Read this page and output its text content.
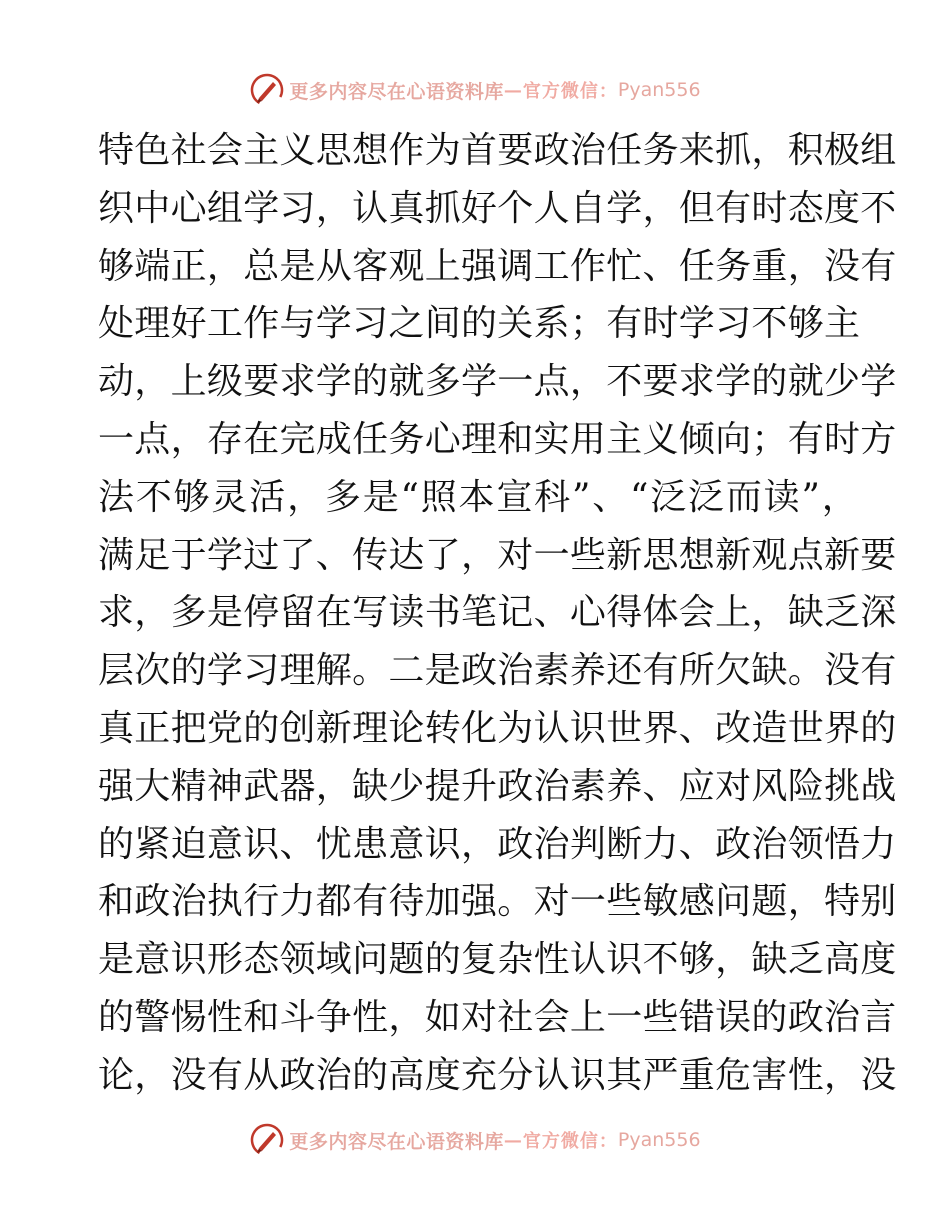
更多内容尽在心语资料库 — 官方微信： Pyan556
特色社会主义思想作为首要政治任务来抓，积极组
织中心组学习，认真抓好个人自学，但有时态度不
够端正，总是从客观上强调工作忙、任务重，没有
处理好工作与学习之间的关系；有时学习不够主
动，上级要求学的就多学一点，不要求学的就少学
一点，存在完成任务心理和实用主义倾向；有时方
法不够灵活，多是“照本宣科”、“泛泛而读”，
满足于学过了、传达了，对一些新思想新观点新要
求，多是停留在写读书笔记、心得体会上，缺乏深
层次的学习理解。二是政治素养还有所欠缺。没有
真正把党的创新理论转化为认识世界、改造世界的
强大精神武器，缺少提升政治素养、应对风险挑战
的紧迫意识、忧患意识，政治判断力、政治领悟力
和政治执行力都有待加强。对一些敏感问题，特别
是意识形态领域问题的复杂性认识不够，缺乏高度
的警惕性和斗争性，如对社会上一些错误的政治言
论，没有从政治的高度充分认识其严重危害性，没
更多内容尽在心语资料库 — 官方微信： Pyan556
